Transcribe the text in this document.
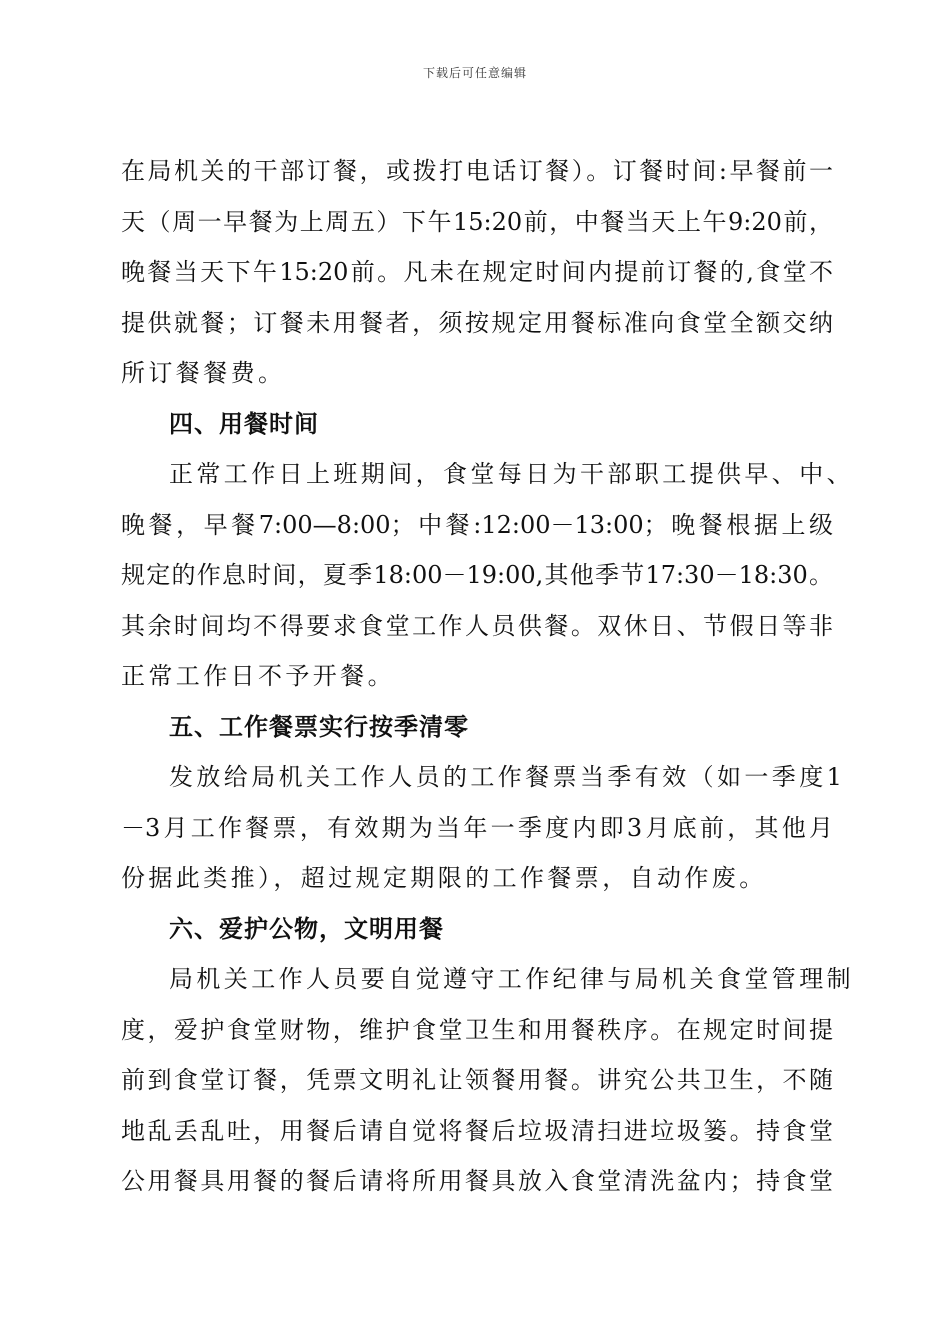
下载后可任意编辑
在局机关的干部订餐，或拨打电话订餐）。订餐时间:早餐前一
天（周一早餐为上周五）下午15:20前，中餐当天上午9:20前，
晚餐当天下午15:20前。凡未在规定时间内提前订餐的,食堂不
提供就餐；订餐未用餐者，须按规定用餐标准向食堂全额交纳
所订餐餐费。
四、用餐时间
正常工作日上班期间，食堂每日为干部职工提供早、中、
晚餐，早餐7:00—8:00；中餐:12:00－13:00；晚餐根据上级
规定的作息时间，夏季18:00－19:00,其他季节17:30－18:30。
其余时间均不得要求食堂工作人员供餐。双休日、节假日等非
正常工作日不予开餐。
五、工作餐票实行按季清零
发放给局机关工作人员的工作餐票当季有效（如一季度1
－3月工作餐票，有效期为当年一季度内即3月底前，其他月
份据此类推），超过规定期限的工作餐票，自动作废。
六、爱护公物，文明用餐
局机关工作人员要自觉遵守工作纪律与局机关食堂管理制
度，爱护食堂财物，维护食堂卫生和用餐秩序。在规定时间提
前到食堂订餐，凭票文明礼让领餐用餐。讲究公共卫生，不随
地乱丢乱吐，用餐后请自觉将餐后垃圾清扫进垃圾篓。持食堂
公用餐具用餐的餐后请将所用餐具放入食堂清洗盆内；持食堂
